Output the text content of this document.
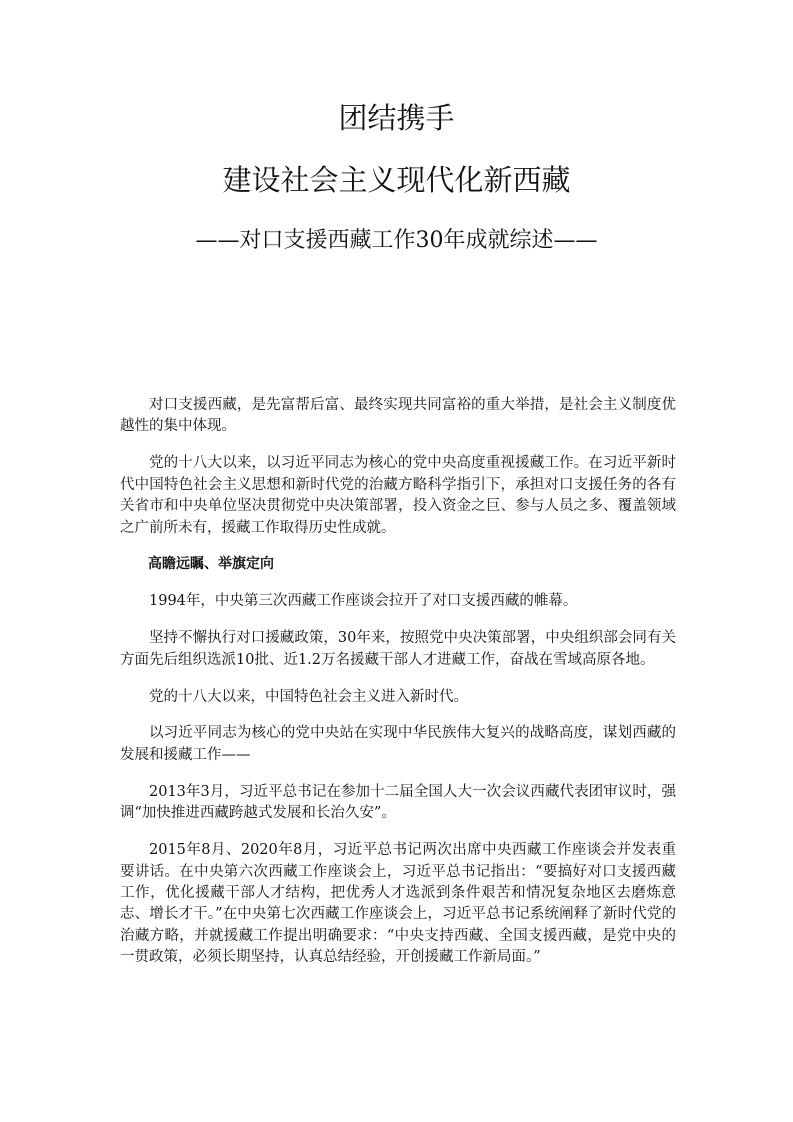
团结携手
建设社会主义现代化新西藏
——对口支援西藏工作30年成就综述——

对口支援西藏，是先富帮后富、最终实现共同富裕的重大举措，是社会主义制度优越性的集中体现。

党的十八大以来，以习近平同志为核心的党中央高度重视援藏工作。在习近平新时代中国特色社会主义思想和新时代党的治藏方略科学指引下，承担对口支援任务的各有关省市和中央单位坚决贯彻党中央决策部署，投入资金之巨、参与人员之多、覆盖领域之广前所未有，援藏工作取得历史性成就。

高瞻远瞩、举旗定向

1994年，中央第三次西藏工作座谈会拉开了对口支援西藏的帷幕。

坚持不懈执行对口援藏政策，30年来，按照党中央决策部署，中央组织部会同有关方面先后组织选派10批、近1.2万名援藏干部人才进藏工作，奋战在雪域高原各地。

党的十八大以来，中国特色社会主义进入新时代。

以习近平同志为核心的党中央站在实现中华民族伟大复兴的战略高度，谋划西藏的发展和援藏工作——

2013年3月，习近平总书记在参加十二届全国人大一次会议西藏代表团审议时，强调“加快推进西藏跨越式发展和长治久安”。

2015年8月、2020年8月，习近平总书记两次出席中央西藏工作座谈会并发表重要讲话。在中央第六次西藏工作座谈会上，习近平总书记指出：“要搞好对口支援西藏工作，优化援藏干部人才结构，把优秀人才选派到条件艰苦和情况复杂地区去磨炼意志、增长才干。”在中央第七次西藏工作座谈会上，习近平总书记系统阐释了新时代党的治藏方略，并就援藏工作提出明确要求：“中央支持西藏、全国支援西藏，是党中央的一贯政策，必须长期坚持，认真总结经验，开创援藏工作新局面。”
